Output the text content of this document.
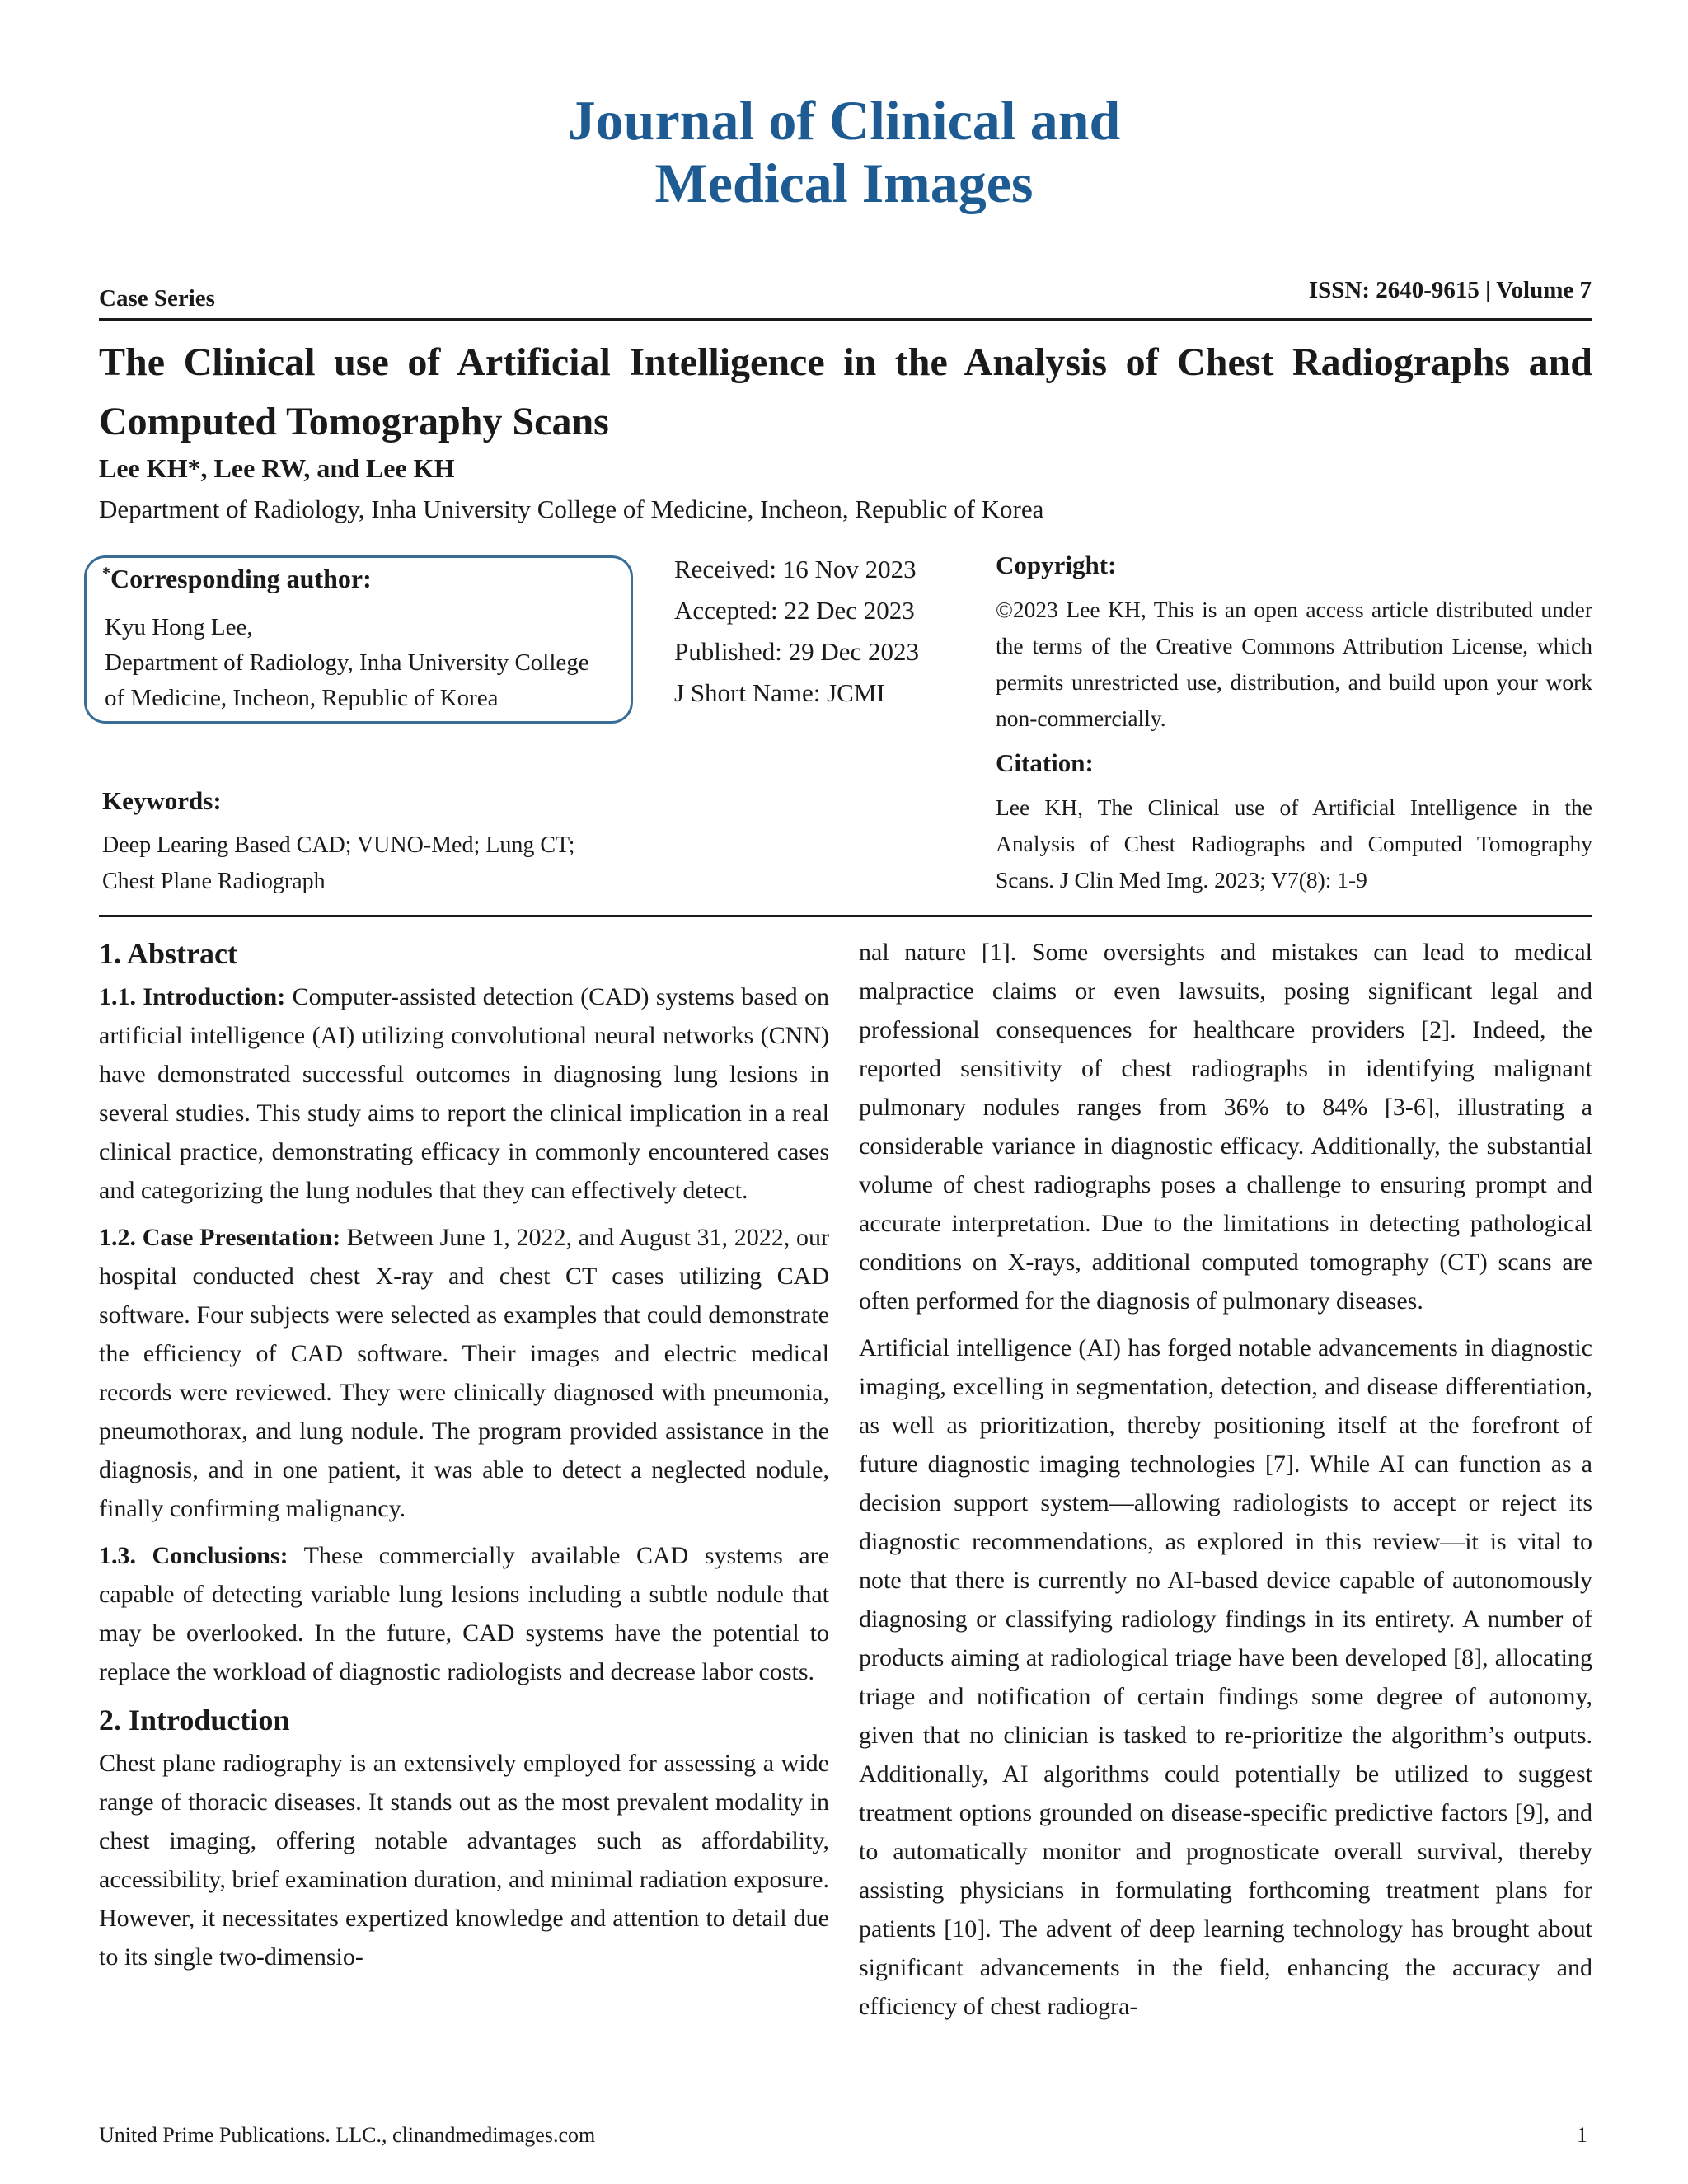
Journal of Clinical and
Medical Images
Case Series	ISSN: 2640-9615 | Volume 7
The Clinical use of Artificial Intelligence in the Analysis of Chest Radiographs and Computed Tomography Scans
Lee KH*, Lee RW, and Lee KH
Department of Radiology, Inha University College of Medicine, Incheon, Republic of Korea
*Corresponding author:
Kyu Hong Lee,
Department of Radiology, Inha University College
of Medicine, Incheon, Republic of Korea
Received: 16 Nov 2023
Accepted: 22 Dec 2023
Published: 29 Dec 2023
J Short Name: JCMI
Copyright:
©2023 Lee KH, This is an open access article distributed under the terms of the Creative Commons Attribution License, which permits unrestricted use, distribution, and build upon your work non-commercially.
Citation:
Lee KH, The Clinical use of Artificial Intelligence in the Analysis of Chest Radiographs and Computed Tomography Scans. J Clin Med Img. 2023; V7(8): 1-9
Keywords:
Deep Learing Based CAD; VUNO-Med; Lung CT;
Chest Plane Radiograph
1. Abstract

1.1. Introduction: Computer-assisted detection (CAD) systems based on artificial intelligence (AI) utilizing convolutional neural networks (CNN) have demonstrated successful outcomes in diagnosing lung lesions in several studies. This study aims to report the clinical implication in a real clinical practice, demonstrating efficacy in commonly encountered cases and categorizing the lung nodules that they can effectively detect.

1.2. Case Presentation: Between June 1, 2022, and August 31, 2022, our hospital conducted chest X-ray and chest CT cases utilizing CAD software. Four subjects were selected as examples that could demonstrate the efficiency of CAD software. Their images and electric medical records were reviewed. They were clinically diagnosed with pneumonia, pneumothorax, and lung nodule. The program provided assistance in the diagnosis, and in one patient, it was able to detect a neglected nodule, finally confirming malignancy.

1.3. Conclusions: These commercially available CAD systems are capable of detecting variable lung lesions including a subtle nodule that may be overlooked. In the future, CAD systems have the potential to replace the workload of diagnostic radiologists and decrease labor costs.

2. Introduction

Chest plane radiography is an extensively employed for assessing a wide range of thoracic diseases. It stands out as the most prevalent modality in chest imaging, offering notable advantages such as affordability, accessibility, brief examination duration, and minimal radiation exposure. However, it necessitates expertized knowledge and attention to detail due to its single two-dimensio-

nal nature [1]. Some oversights and mistakes can lead to medical malpractice claims or even lawsuits, posing significant legal and professional consequences for healthcare providers [2]. Indeed, the reported sensitivity of chest radiographs in identifying malignant pulmonary nodules ranges from 36% to 84% [3-6], illustrating a considerable variance in diagnostic efficacy. Additionally, the substantial volume of chest radiographs poses a challenge to ensuring prompt and accurate interpretation. Due to the limitations in detecting pathological conditions on X-rays, additional computed tomography (CT) scans are often performed for the diagnosis of pulmonary diseases.

Artificial intelligence (AI) has forged notable advancements in diagnostic imaging, excelling in segmentation, detection, and disease differentiation, as well as prioritization, thereby positioning itself at the forefront of future diagnostic imaging technologies [7]. While AI can function as a decision support system—allowing radiologists to accept or reject its diagnostic recommendations, as explored in this review—it is vital to note that there is currently no AI-based device capable of autonomously diagnosing or classifying radiology findings in its entirety. A number of products aiming at radiological triage have been developed [8], allocating triage and notification of certain findings some degree of autonomy, given that no clinician is tasked to re-prioritize the algorithm’s outputs. Additionally, AI algorithms could potentially be utilized to suggest treatment options grounded on disease-specific predictive factors [9], and to automatically monitor and prognosticate overall survival, thereby assisting physicians in formulating forthcoming treatment plans for patients [10]. The advent of deep learning technology has brought about significant advancements in the field, enhancing the accuracy and efficiency of chest radiogra-

United Prime Publications. LLC., clinandmedimages.com	1
